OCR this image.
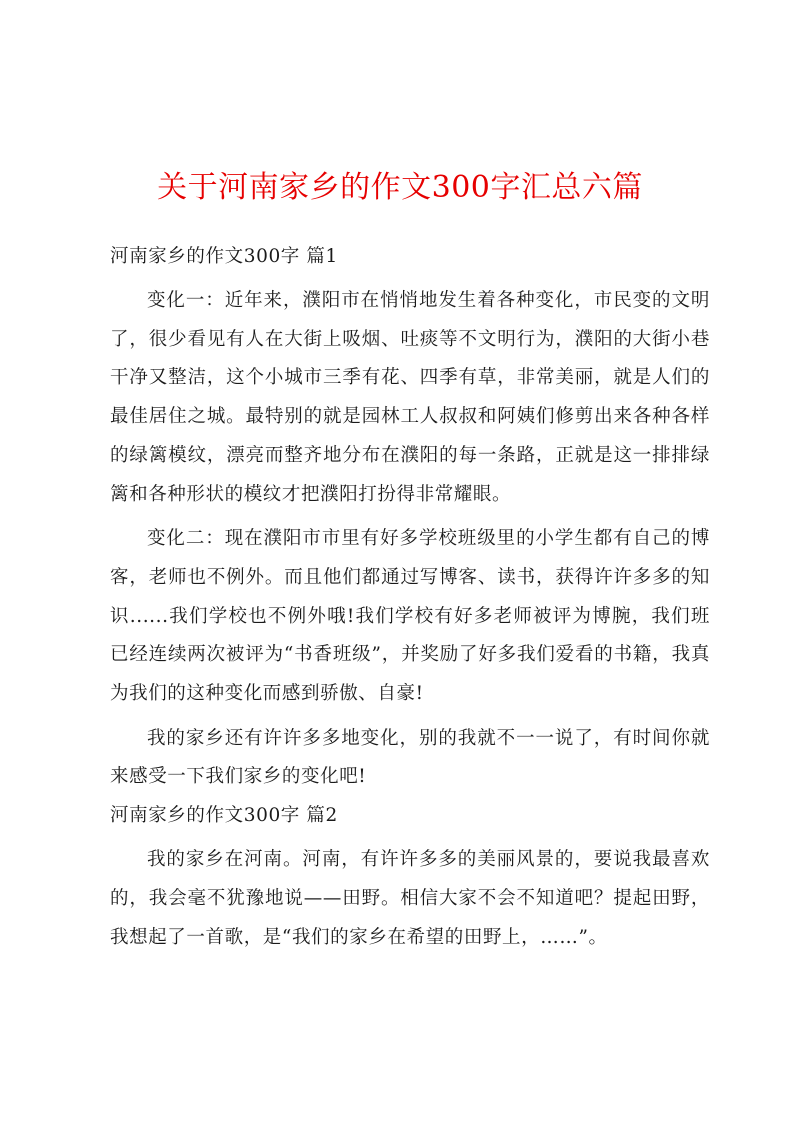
关于河南家乡的作文300字汇总六篇
河南家乡的作文300字 篇1

变化一：近年来，濮阳市在悄悄地发生着各种变化，市民变的文明了，很少看见有人在大街上吸烟、吐痰等不文明行为，濮阳的大街小巷干净又整洁，这个小城市三季有花、四季有草，非常美丽，就是人们的最佳居住之城。最特别的就是园林工人叔叔和阿姨们修剪出来各种各样的绿篱模纹，漂亮而整齐地分布在濮阳的每一条路，正就是这一排排绿篱和各种形状的模纹才把濮阳打扮得非常耀眼。

变化二：现在濮阳市市里有好多学校班级里的小学生都有自己的博客，老师也不例外。而且他们都通过写博客、读书，获得许许多多的知识......我们学校也不例外哦!我们学校有好多老师被评为博腕，我们班已经连续两次被评为“书香班级”，并奖励了好多我们爱看的书籍，我真为我们的这种变化而感到骄傲、自豪!

我的家乡还有许许多多地变化，别的我就不一一说了，有时间你就来感受一下我们家乡的变化吧!

河南家乡的作文300字 篇2

我的家乡在河南。河南，有许许多多的美丽风景的，要说我最喜欢的，我会毫不犹豫地说——田野。相信大家不会不知道吧？提起田野，我想起了一首歌，是“我们的家乡在希望的田野上，……”。
